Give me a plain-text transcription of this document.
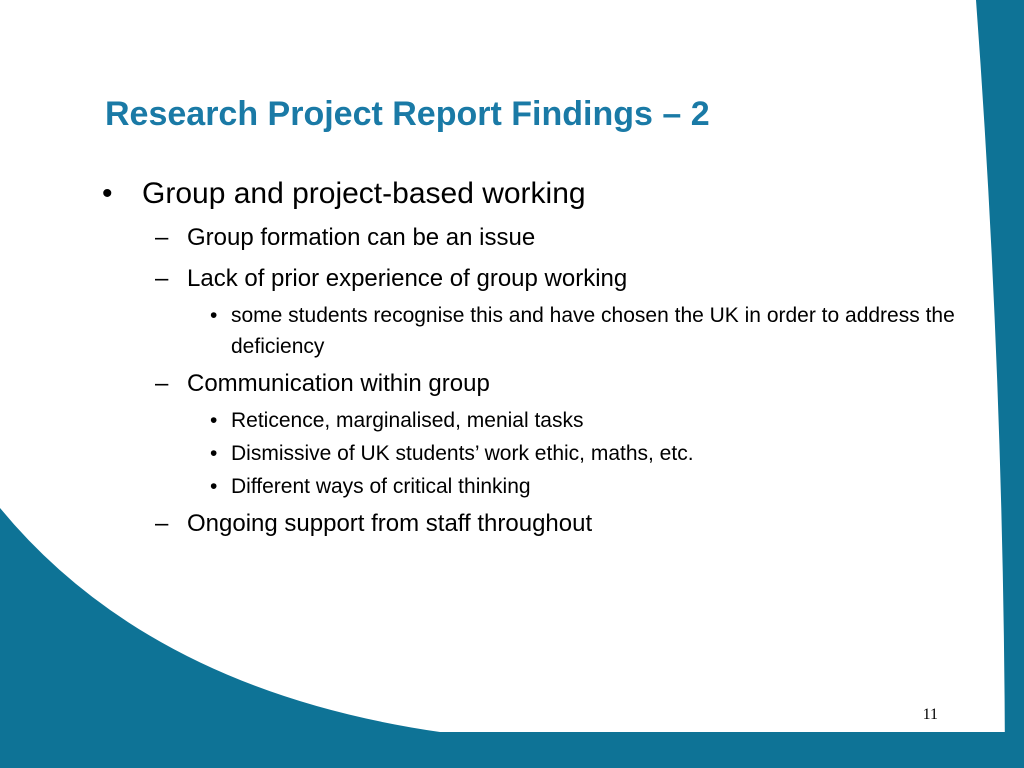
Research Project Report Findings – 2
• Group and project-based working
– Group formation can be an issue
– Lack of prior experience of group working
• some students recognise this and have chosen the UK in order to address the deficiency
– Communication within group
• Reticence, marginalised, menial tasks
• Dismissive of UK students’ work ethic, maths, etc.
• Different ways of critical thinking
– Ongoing support from staff throughout
11
